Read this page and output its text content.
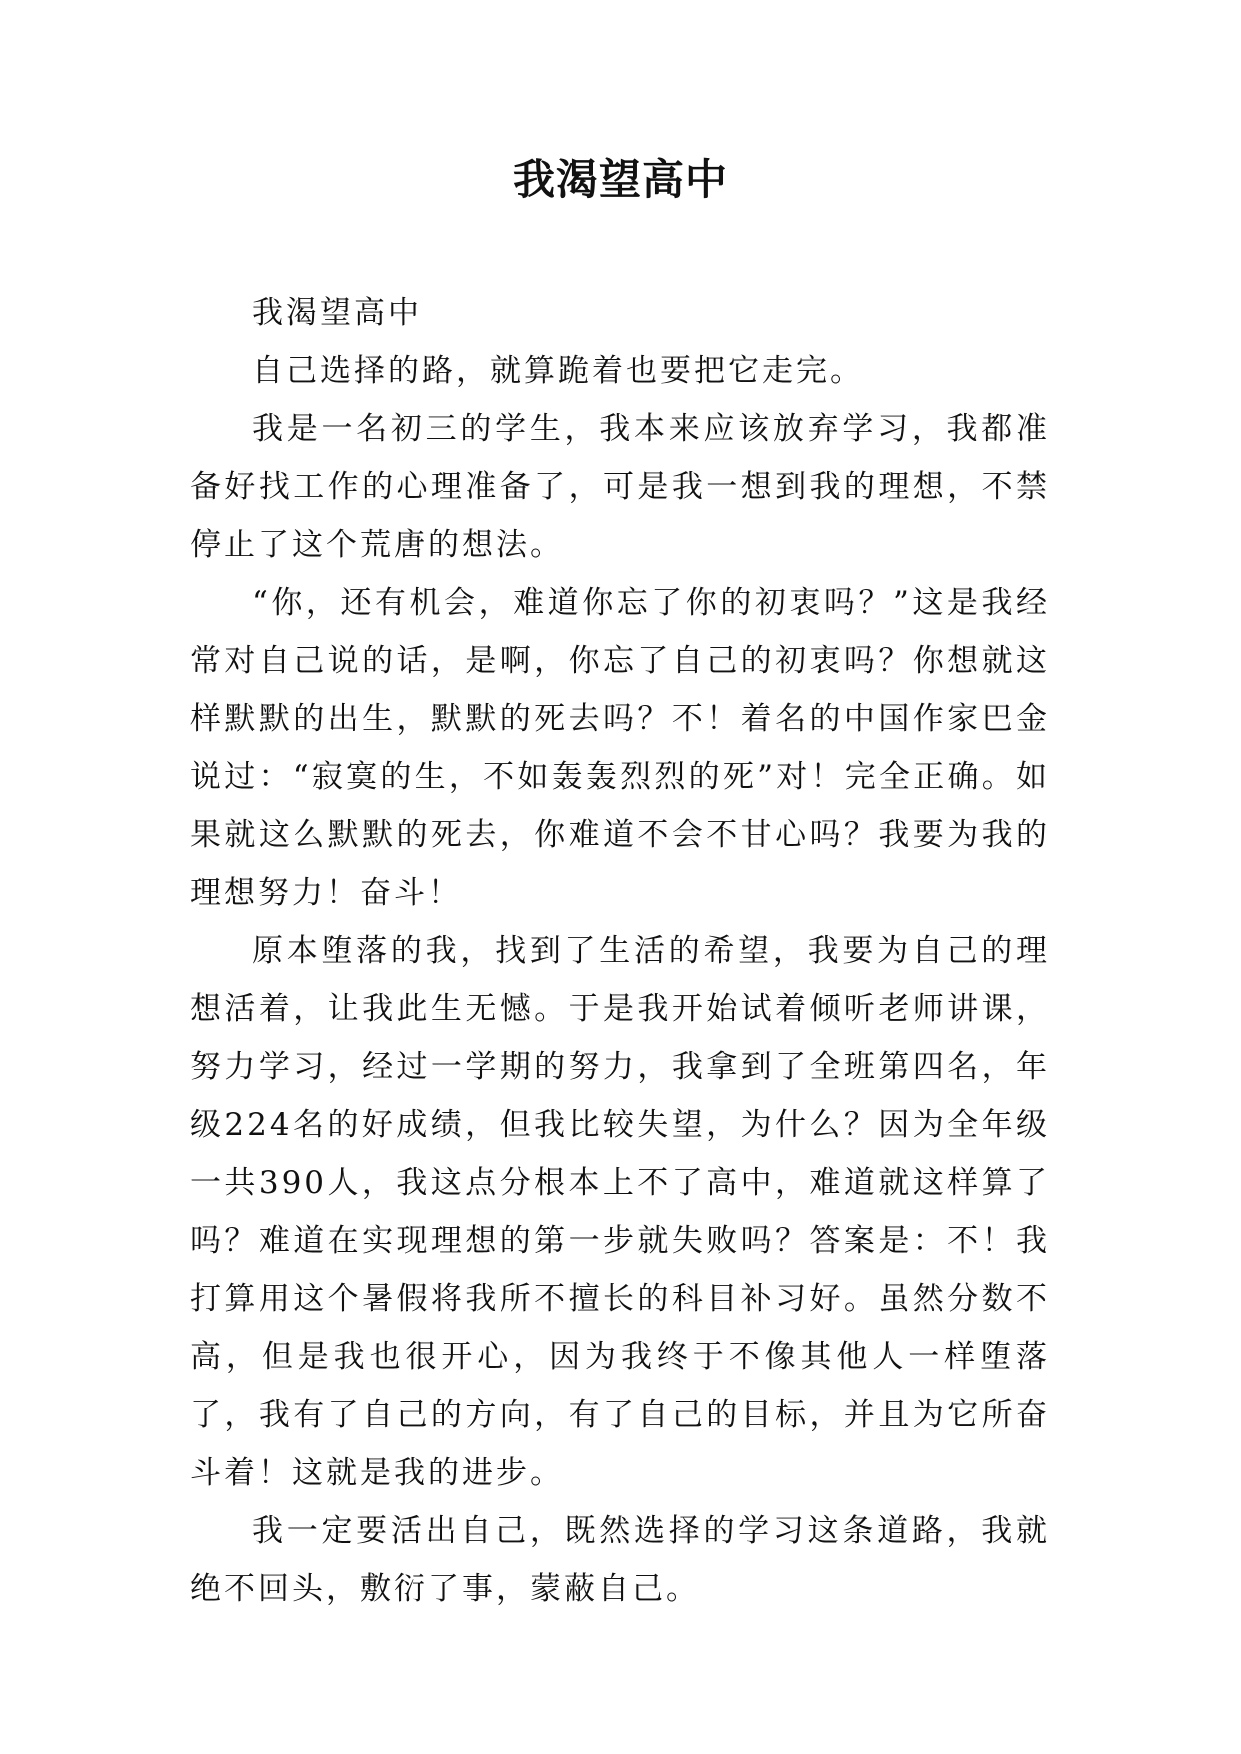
我渴望高中

我渴望高中

自己选择的路，就算跪着也要把它走完。

我是一名初三的学生，我本来应该放弃学习，我都准备好找工作的心理准备了，可是我一想到我的理想，不禁停止了这个荒唐的想法。

“你，还有机会，难道你忘了你的初衷吗？”这是我经常对自己说的话，是啊，你忘了自己的初衷吗？你想就这样默默的出生，默默的死去吗？不！着名的中国作家巴金说过：“寂寞的生，不如轰轰烈烈的死”对！完全正确。如果就这么默默的死去，你难道不会不甘心吗？我要为我的理想努力！奋斗！

原本堕落的我，找到了生活的希望，我要为自己的理想活着，让我此生无憾。于是我开始试着倾听老师讲课，努力学习，经过一学期的努力，我拿到了全班第四名，年级224名的好成绩，但我比较失望，为什么？因为全年级一共390人，我这点分根本上不了高中，难道就这样算了吗？难道在实现理想的第一步就失败吗？答案是：不！我打算用这个暑假将我所不擅长的科目补习好。虽然分数不高，但是我也很开心，因为我终于不像其他人一样堕落了，我有了自己的方向，有了自己的目标，并且为它所奋斗着！这就是我的进步。

我一定要活出自己，既然选择的学习这条道路，我就绝不回头，敷衍了事，蒙蔽自己。
